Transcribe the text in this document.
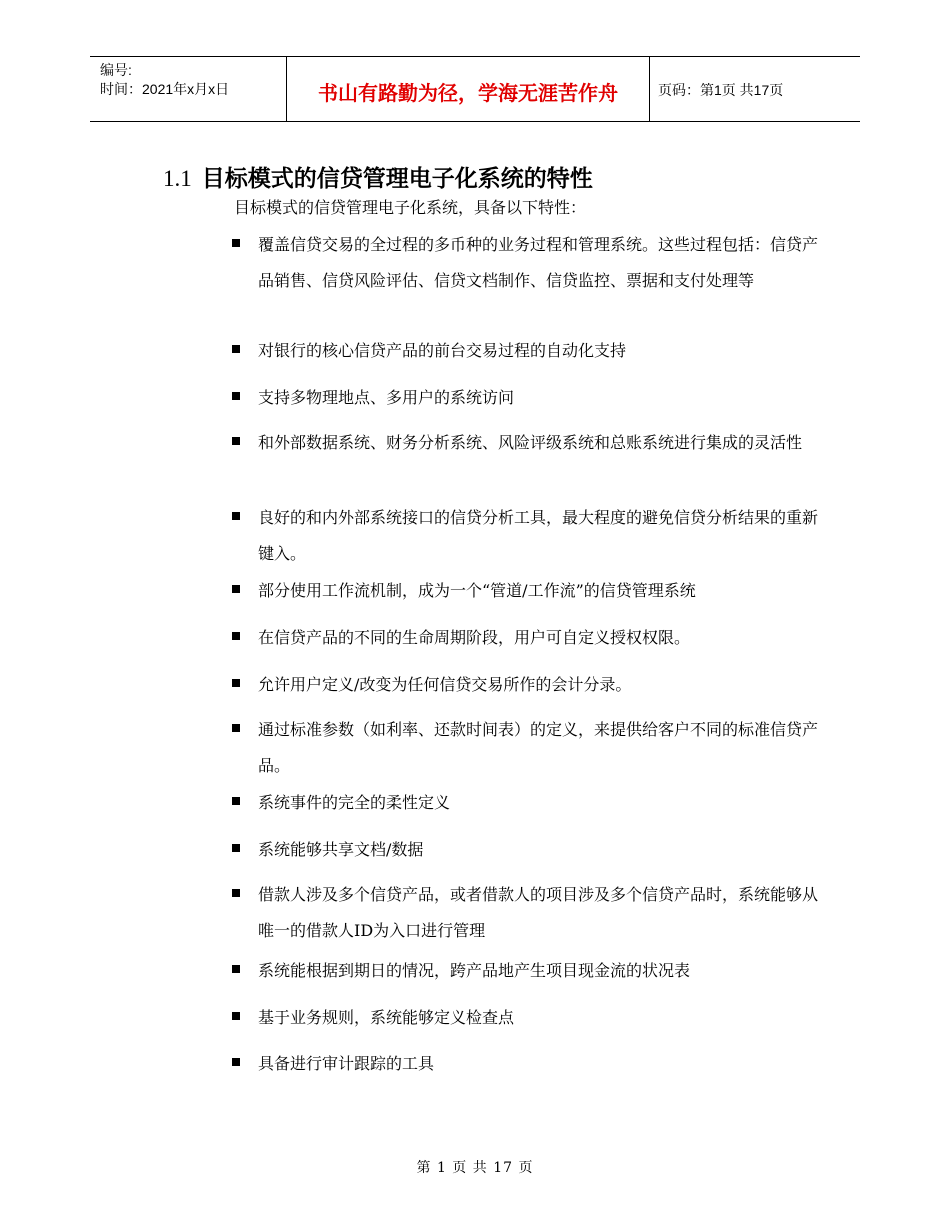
编号:
时间：2021年x月x日	书山有路勤为径，学海无涯苦作舟	页码：第1页 共17页
1.1 目标模式的信贷管理电子化系统的特性
目标模式的信贷管理电子化系统，具备以下特性：
覆盖信贷交易的全过程的多币种的业务过程和管理系统。这些过程包括：信贷产品销售、信贷风险评估、信贷文档制作、信贷监控、票据和支付处理等
对银行的核心信贷产品的前台交易过程的自动化支持
支持多物理地点、多用户的系统访问
和外部数据系统、财务分析系统、风险评级系统和总账系统进行集成的灵活性
良好的和内外部系统接口的信贷分析工具，最大程度的避免信贷分析结果的重新键入。
部分使用工作流机制，成为一个“管道/工作流”的信贷管理系统
在信贷产品的不同的生命周期阶段，用户可自定义授权权限。
允许用户定义/改变为任何信贷交易所作的会计分录。
通过标准参数（如利率、还款时间表）的定义，来提供给客户不同的标准信贷产品。
系统事件的完全的柔性定义
系统能够共享文档/数据
借款人涉及多个信贷产品，或者借款人的项目涉及多个信贷产品时，系统能够从唯一的借款人ID为入口进行管理
系统能根据到期日的情况，跨产品地产生项目现金流的状况表
基于业务规则，系统能够定义检查点
具备进行审计跟踪的工具
第 1 页 共 17 页
